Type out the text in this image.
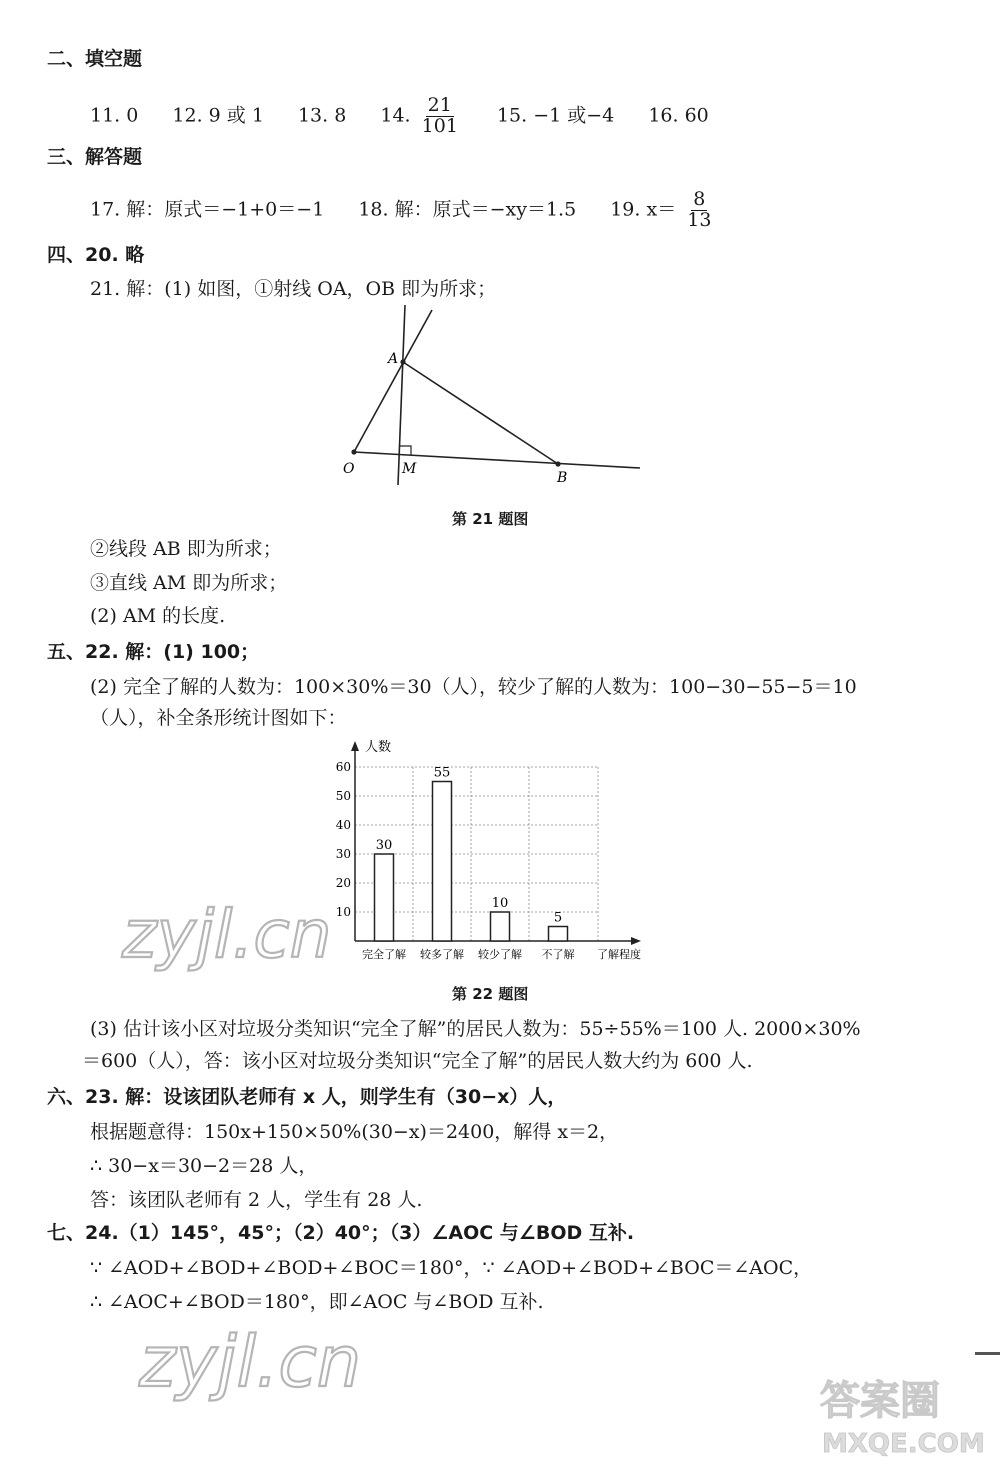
二、填空题
11. 0 12. 9 或 1 13. 8 14. $\frac{21}{101} 15$. −1 或−4 16. 60
三、解答题
17. 解：原式＝−1+0＝−1 18. 解：原式＝−xy＝1.5 19. $x= \frac{8}{13}$
四、20. 略
21. 解：(1) 如图，①射线 OA，OB 即为所求；
A
O	M
B
第 21 题图
②线段 AB 即为所求；
③直线 AM 即为所求；
(2) AM 的长度.
五、22. 解：(1) 100；
(2) 完全了解的人数为：100×30%＝30（人），较少了解的人数为：100−30−55−5＝10
（人），补全条形统计图如下：
人数
10
20
30
40
50
60
30
完全了解
55
较多了解
10
较少了解
5
不了解 了解程度
第 22 题图
(3) 估计该小区对垃圾分类知识“完全了解”的居民人数为：55÷55%＝100 人. 2000×30%
＝600（人），答：该小区对垃圾分类知识“完全了解”的居民人数大约为 600 人.
六、23. 解：设该团队老师有 x 人，则学生有（30−x）人，
根据题意得：150x+150×50%(30−x)＝2400，解得 x＝2，
∴ 30−x＝30−2＝28 人，
答：该团队老师有 2 人，学生有 28 人.
七、24.（1）145°，45°；（2）40°；（3）∠AOC 与∠BOD 互补.
∵ ∠AOD+∠BOD+∠BOD+∠BOC＝180°，∵ ∠AOD+∠BOD+∠BOC＝∠AOC，
∴ ∠AOC+∠BOD＝180°，即∠AOC 与∠BOD 互补.
zyjl.cn
zyjl.cn	答案圈
MXQE.COM
